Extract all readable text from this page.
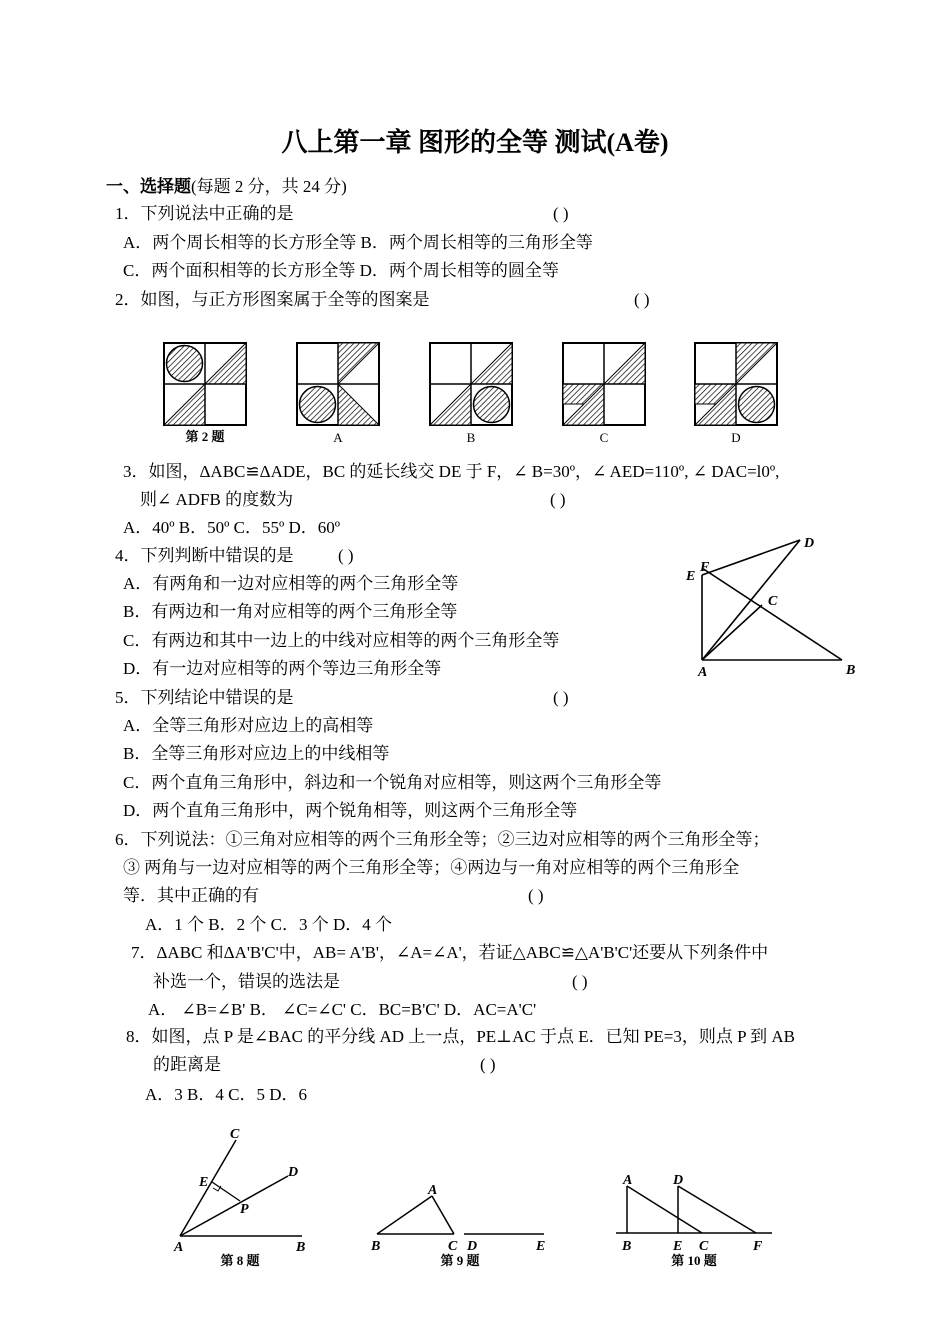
八上第一章 图形的全等 测试(A卷)
一、选择题(每题 2 分，共 24 分)
1．下列说法中正确的是	( )
A．两个周长相等的长方形全等 B．两个周长相等的三角形全等
C．两个面积相等的长方形全等 D．两个周长相等的圆全等
2．如图，与正方形图案属于全等的图案是	( )
第 2 题	A	B	C	D
3．如图，ΔABC≌ΔADE，BC 的延长线交 DE 于 F，∠ B=30º，∠ AED=110º, ∠ DAC=l0º,
则∠ ADFB 的度数为	( )
A．40º B．50º C．55º D．60º
D
F
E
C
A	B
4．下列判断中错误的是	( )
A．有两角和一边对应相等的两个三角形全等
B．有两边和一角对应相等的两个三角形全等
C．有两边和其中一边上的中线对应相等的两个三角形全等
D．有一边对应相等的两个等边三角形全等
5．下列结论中错误的是	( )
A．全等三角形对应边上的高相等
B．全等三角形对应边上的中线相等
C．两个直角三角形中，斜边和一个锐角对应相等，则这两个三角形全等
D．两个直角三角形中，两个锐角相等，则这两个三角形全等
6．下列说法：①三角对应相等的两个三角形全等；②三边对应相等的两个三角形全等；
③ 两角与一边对应相等的两个三角形全等；④两边与一角对应相等的两个三角形全
等．其中正确的有	( )
A．1 个 B．2 个 C．3 个 D．4 个
7．ΔABC 和ΔA'B'C'中，AB= A'B'，∠A=∠A'，若证△ABC≌△A'B'C'还要从下列条件中
补选一个，错误的选法是	( )
A． ∠B=∠B' B． ∠C=∠C' C．BC=B'C' D．AC=A'C'
8．如图，点 P 是∠BAC 的平分线 AD 上一点，PE⊥AC 于点 E．已知 PE=3，则点 P 到 AB
的距离是	( )
A．3 B．4 C．5 D．6
C
E
D
P
A	B
第 8 题
A
B	C D	E
第 9 题
A	D
B	E C	F
第 10 题
